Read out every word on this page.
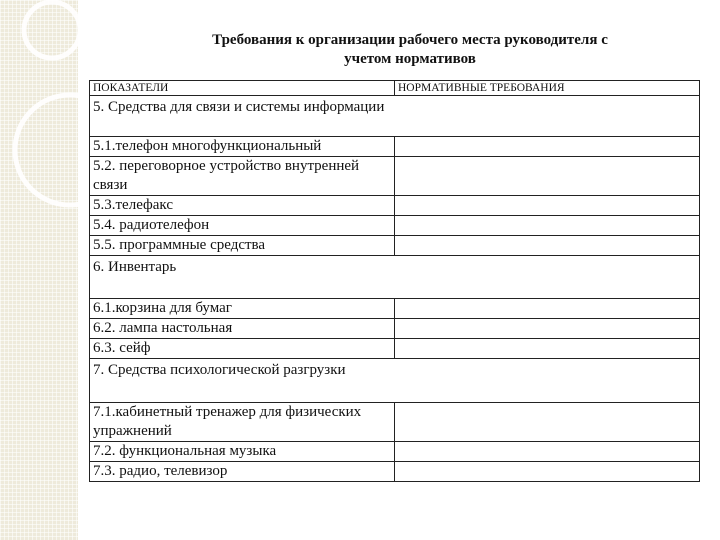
Требования к организации рабочего места руководителя с
учетом нормативов
ПОКАЗАТЕЛИ	НОРМАТИВНЫЕ ТРЕБОВАНИЯ
5. Средства для связи и системы информации	
5.1.телефон многофункциональный	
5.2. переговорное устройство внутренней связи	
5.3.телефакс	
5.4. радиотелефон	
5.5. программные средства	
6. Инвентарь	
6.1.корзина для бумаг	
6.2. лампа настольная	
6.3. сейф	
7. Средства психологической разгрузки	
7.1.кабинетный тренажер для физических упражнений	
7.2. функциональная музыка	
7.3. радио, телевизор	
